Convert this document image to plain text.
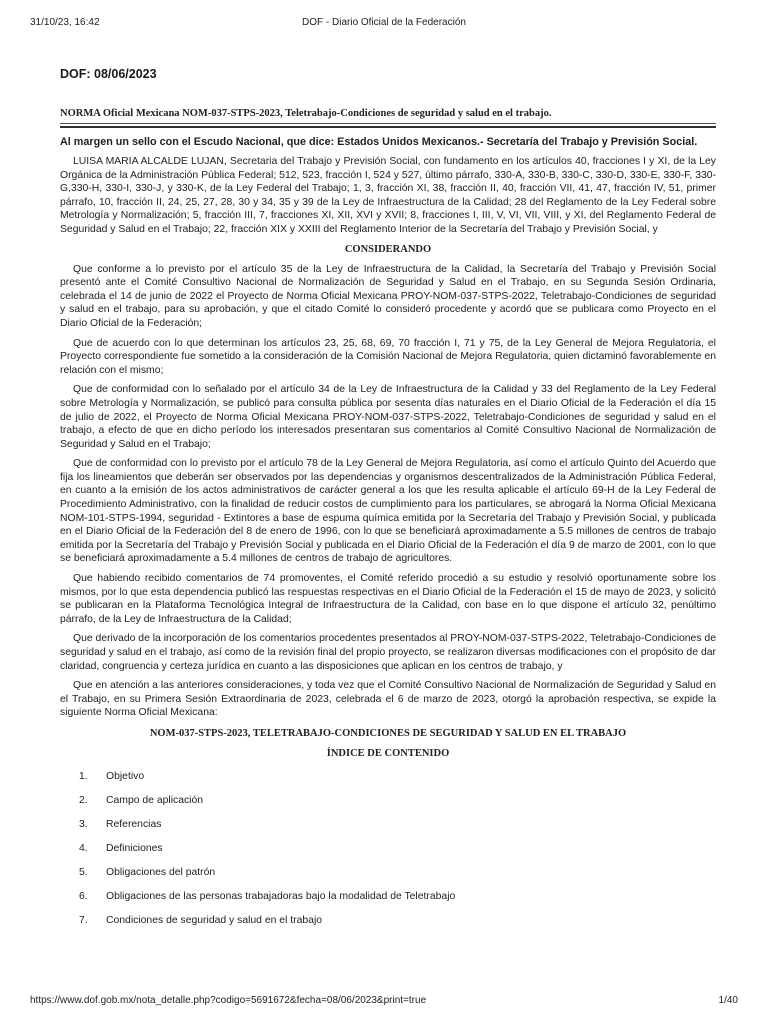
31/10/23, 16:42	DOF - Diario Oficial de la Federación

DOF: 08/06/2023

NORMA Oficial Mexicana NOM-037-STPS-2023, Teletrabajo-Condiciones de seguridad y salud en el trabajo.

Al margen un sello con el Escudo Nacional, que dice: Estados Unidos Mexicanos.- Secretaría del Trabajo y Previsión Social.

LUISA MARIA ALCALDE LUJAN, Secretaria del Trabajo y Previsión Social, con fundamento en los artículos 40, fracciones I y XI, de la Ley Orgánica de la Administración Pública Federal; 512, 523, fracción I, 524 y 527, último párrafo, 330-A, 330-B, 330-C, 330-D, 330-E, 330-F, 330-G,330-H, 330-I, 330-J, y 330-K, de la Ley Federal del Trabajo; 1, 3, fracción XI, 38, fracción II, 40, fracción VII, 41, 47, fracción IV, 51, primer párrafo, 10, fracción II, 24, 25, 27, 28, 30 y 34, 35 y 39 de la Ley de Infraestructura de la Calidad; 28 del Reglamento de la Ley Federal sobre Metrología y Normalización; 5, fracción III, 7, fracciones XI, XII, XVI y XVII; 8, fracciones I, III, V, VI, VII, VIII, y XI, del Reglamento Federal de Seguridad y Salud en el Trabajo; 22, fracción XIX y XXIII del Reglamento Interior de la Secretaría del Trabajo y Previsión Social, y

CONSIDERANDO

Que conforme a lo previsto por el artículo 35 de la Ley de Infraestructura de la Calidad, la Secretaría del Trabajo y Previsión Social presentó ante el Comité Consultivo Nacional de Normalización de Seguridad y Salud en el Trabajo, en su Segunda Sesión Ordinaria, celebrada el 14 de junio de 2022 el Proyecto de Norma Oficial Mexicana PROY-NOM-037-STPS-2022, Teletrabajo-Condiciones de seguridad y salud en el trabajo, para su aprobación, y que el citado Comité lo consideró procedente y acordó que se publicara como Proyecto en el Diario Oficial de la Federación;

Que de acuerdo con lo que determinan los artículos 23, 25, 68, 69, 70 fracción I, 71 y 75, de la Ley General de Mejora Regulatoria, el Proyecto correspondiente fue sometido a la consideración de la Comisión Nacional de Mejora Regulatoria, quien dictaminó favorablemente en relación con el mismo;

Que de conformidad con lo señalado por el artículo 34 de la Ley de Infraestructura de la Calidad y 33 del Reglamento de la Ley Federal sobre Metrología y Normalización, se publicó para consulta pública por sesenta días naturales en el Diario Oficial de la Federación el día 15 de julio de 2022, el Proyecto de Norma Oficial Mexicana PROY-NOM-037-STPS-2022, Teletrabajo-Condiciones de seguridad y salud en el trabajo, a efecto de que en dicho período los interesados presentaran sus comentarios al Comité Consultivo Nacional de Normalización de Seguridad y Salud en el Trabajo;

Que de conformidad con lo previsto por el artículo 78 de la Ley General de Mejora Regulatoria, así como el artículo Quinto del Acuerdo que fija los lineamientos que deberán ser observados por las dependencias y organismos descentralizados de la Administración Pública Federal, en cuanto a la emisión de los actos administrativos de carácter general a los que les resulta aplicable el artículo 69-H de la Ley Federal de Procedimiento Administrativo, con la finalidad de reducir costos de cumplimiento para los particulares, se abrogará la Norma Oficial Mexicana NOM-101-STPS-1994, seguridad - Extintores a base de espuma química emitida por la Secretaría del Trabajo y Previsión Social, y publicada en el Diario Oficial de la Federación del 8 de enero de 1996, con lo que se beneficiará aproximadamente a 5.5 millones de centros de trabajo emitida por la Secretaría del Trabajo y Previsión Social y publicada en el Diario Oficial de la Federación el día 9 de marzo de 2001, con lo que se beneficiará aproximadamente a 5.4 millones de centros de trabajo de agricultores.

Que habiendo recibido comentarios de 74 promoventes, el Comité referido procedió a su estudio y resolvió oportunamente sobre los mismos, por lo que esta dependencia publicó las respuestas respectivas en el Diario Oficial de la Federación el 15 de mayo de 2023, y solicitó se publicaran en la Plataforma Tecnológica Integral de Infraestructura de la Calidad, con base en lo que dispone el artículo 32, penúltimo párrafo, de la Ley de Infraestructura de la Calidad;

Que derivado de la incorporación de los comentarios procedentes presentados al PROY-NOM-037-STPS-2022, Teletrabajo-Condiciones de seguridad y salud en el trabajo, así como de la revisión final del propio proyecto, se realizaron diversas modificaciones con el propósito de dar claridad, congruencia y certeza jurídica en cuanto a las disposiciones que aplican en los centros de trabajo, y

Que en atención a las anteriores consideraciones, y toda vez que el Comité Consultivo Nacional de Normalización de Seguridad y Salud en el Trabajo, en su Primera Sesión Extraordinaria de 2023, celebrada el 6 de marzo de 2023, otorgó la aprobación respectiva, se expide la siguiente Norma Oficial Mexicana:

NOM-037-STPS-2023, TELETRABAJO-CONDICIONES DE SEGURIDAD Y SALUD EN EL TRABAJO

ÍNDICE DE CONTENIDO

1. Objetivo
2. Campo de aplicación
3. Referencias
4. Definiciones
5. Obligaciones del patrón
6. Obligaciones de las personas trabajadoras bajo la modalidad de Teletrabajo
7. Condiciones de seguridad y salud en el trabajo
https://www.dof.gob.mx/nota_detalle.php?codigo=5691672&fecha=08/06/2023&print=true	1/40
